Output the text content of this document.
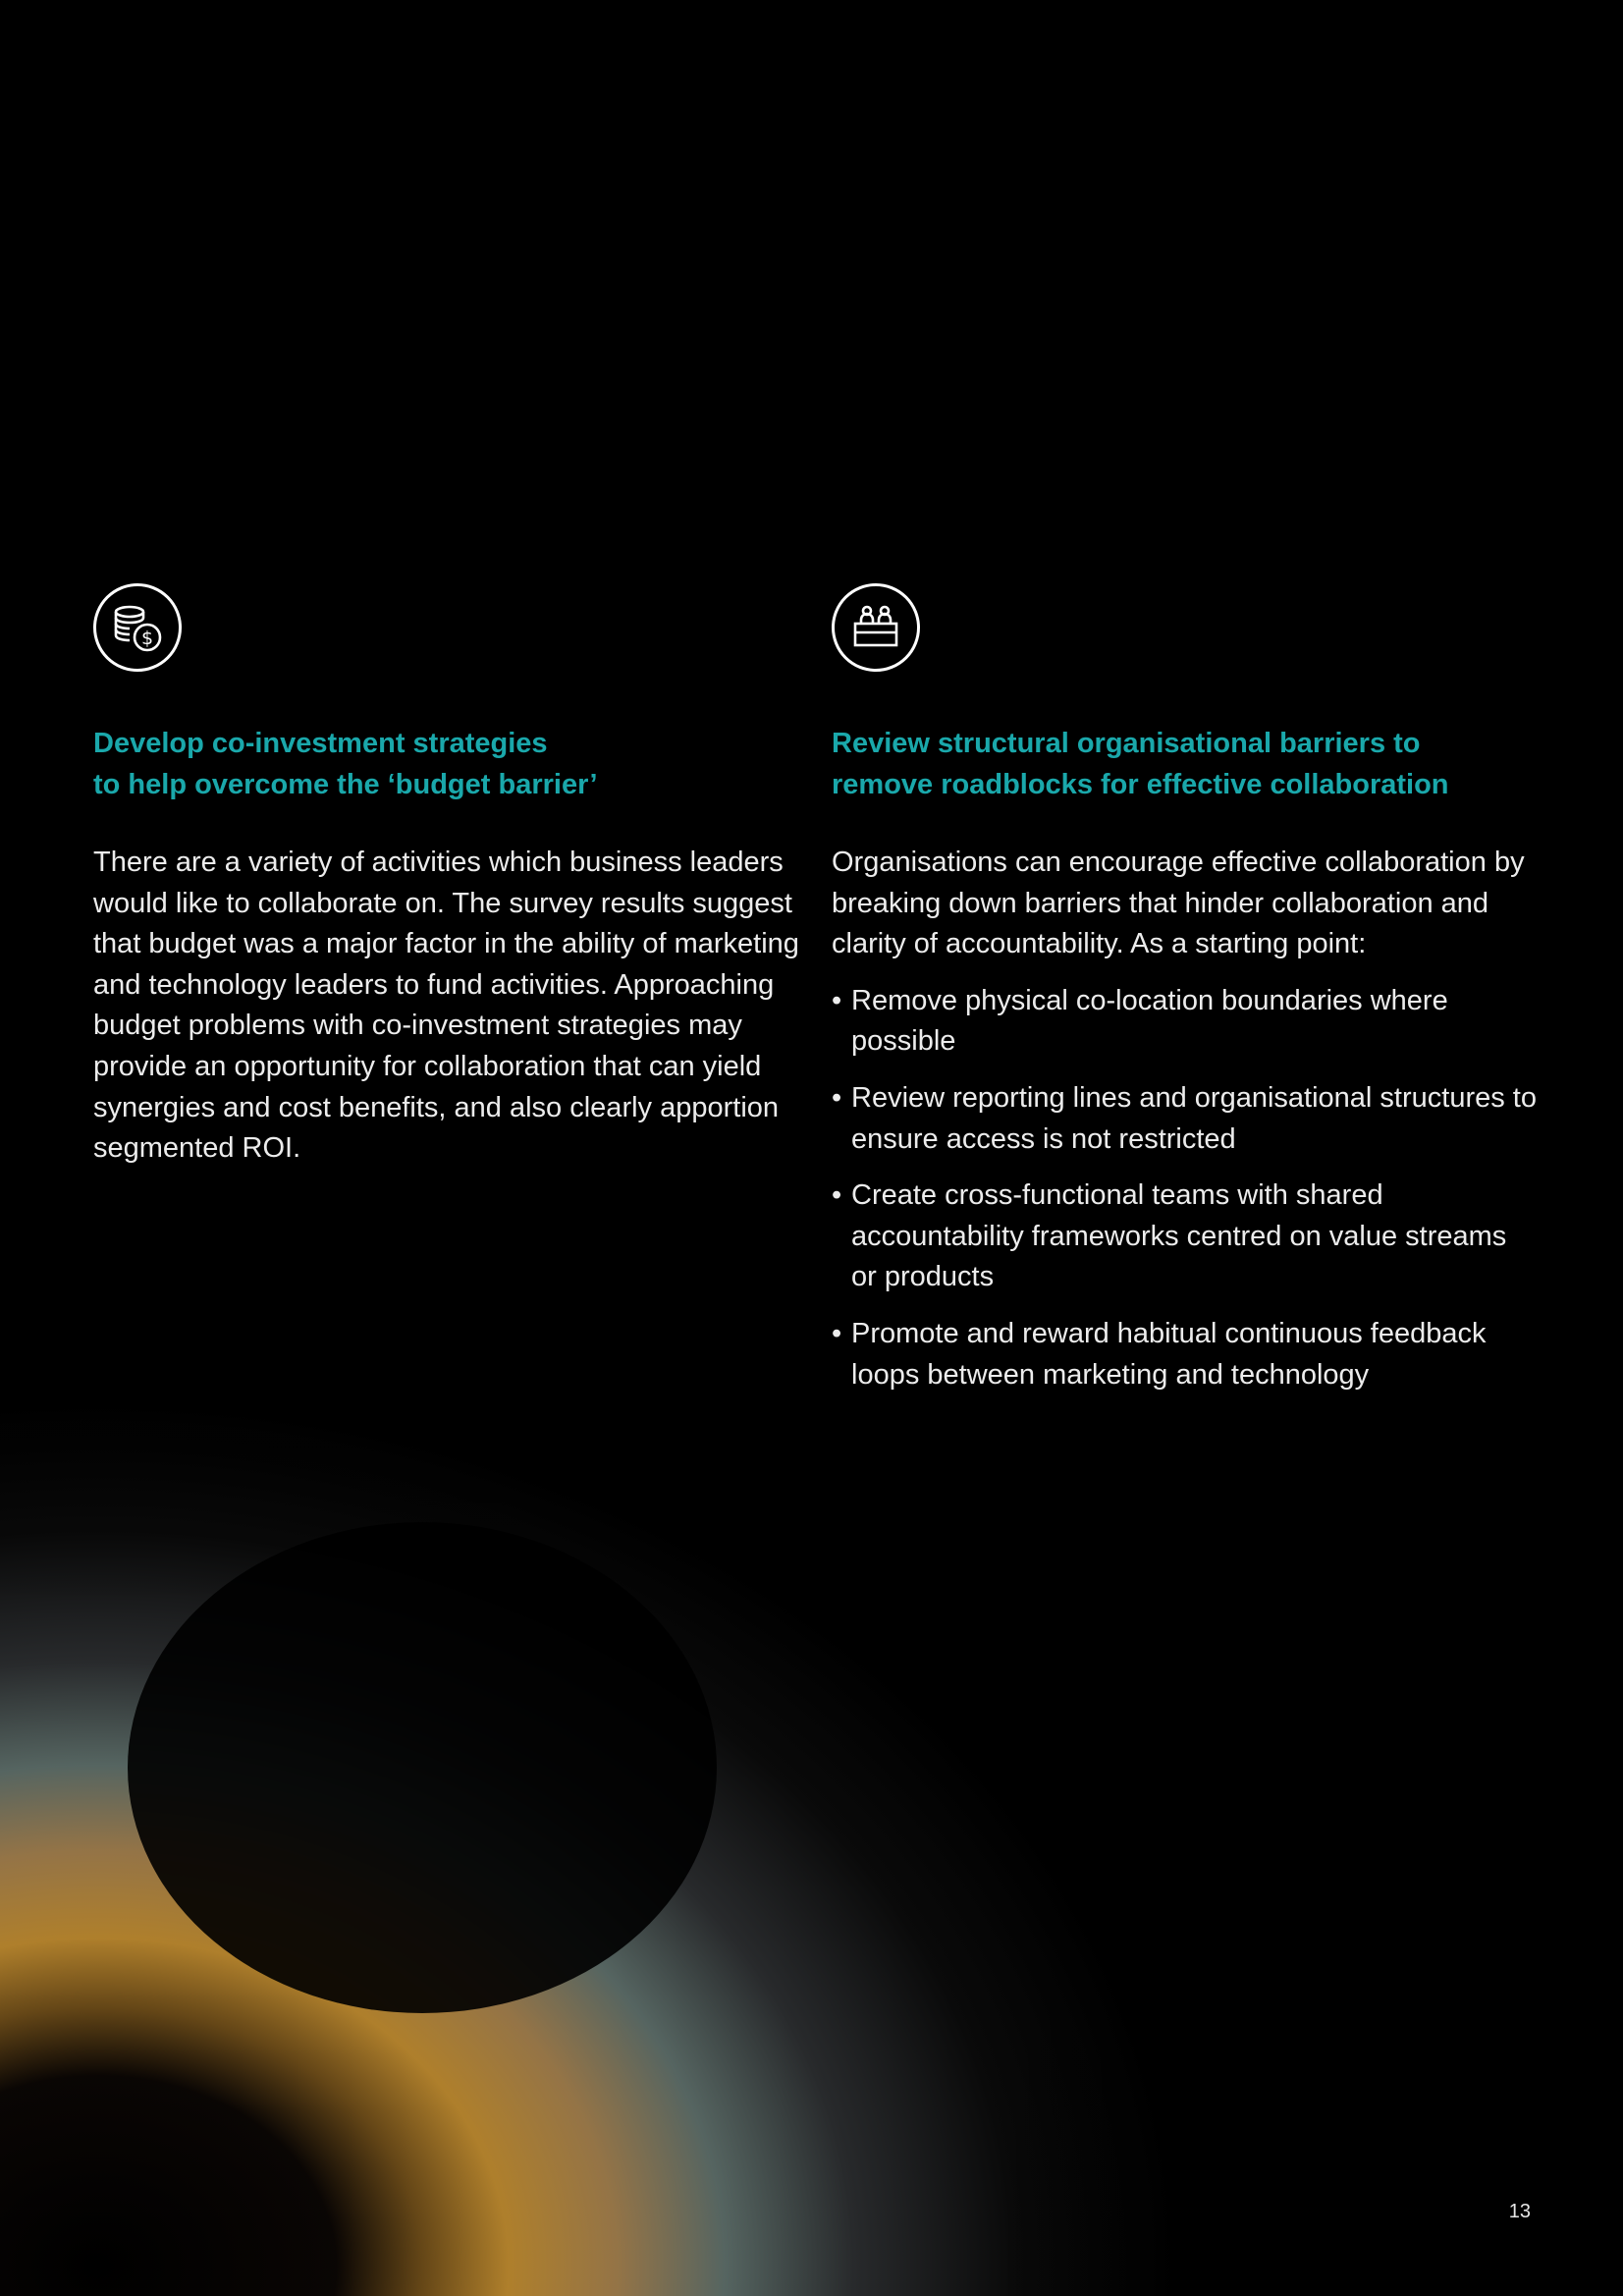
$
Develop co-investment strategies
to help overcome the ‘budget barrier’
There are a variety of activities which business leaders would like to collaborate on. The survey results suggest that budget was a major factor in the ability of marketing and technology leaders to fund activities. Approaching budget problems with co-investment strategies may provide an opportunity for collaboration that can yield synergies and cost benefits, and also clearly apportion segmented ROI.
Review structural organisational barriers to
remove roadblocks for effective collaboration
Organisations can encourage effective collaboration by breaking down barriers that hinder collaboration and clarity of accountability. As a starting point:
• Remove physical co-location boundaries where possible
• Review reporting lines and organisational structures to ensure access is not restricted
• Create cross-functional teams with shared accountability frameworks centred on value streams or products
• Promote and reward habitual continuous feedback loops between marketing and technology
13
